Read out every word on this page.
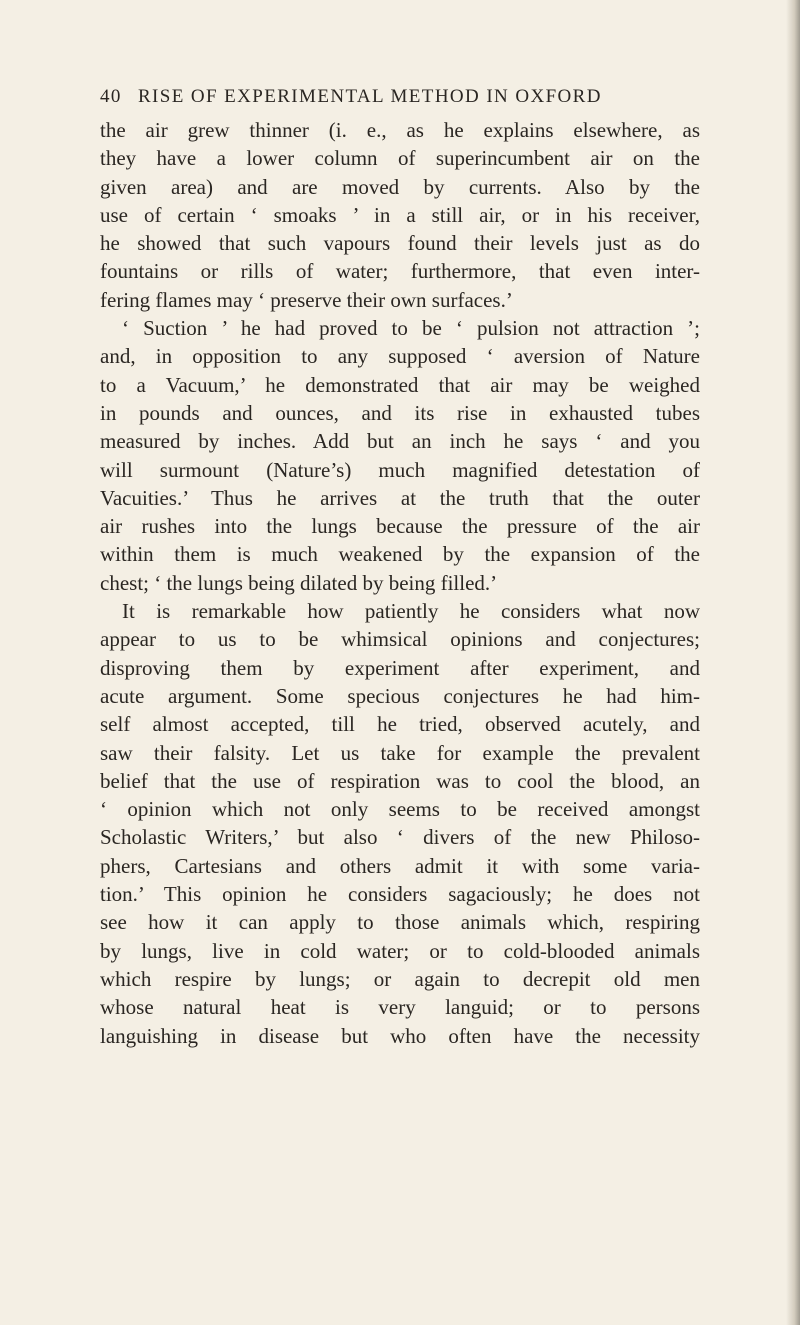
40 RISE OF EXPERIMENTAL METHOD IN OXFORD
the air grew thinner (i. e., as he explains elsewhere, as
they have a lower column of superincumbent air on the
given area) and are moved by currents. Also by the
use of certain ‘ smoaks ’ in a still air, or in his receiver,
he showed that such vapours found their levels just as do
fountains or rills of water; furthermore, that even inter-
fering flames may ‘ preserve their own surfaces.’
‘ Suction ’ he had proved to be ‘ pulsion not attraction ’;
and, in opposition to any supposed ‘ aversion of Nature
to a Vacuum,’ he demonstrated that air may be weighed
in pounds and ounces, and its rise in exhausted tubes
measured by inches. Add but an inch he says ‘ and you
will surmount (Nature’s) much magnified detestation of
Vacuities.’ Thus he arrives at the truth that the outer
air rushes into the lungs because the pressure of the air
within them is much weakened by the expansion of the
chest; ‘ the lungs being dilated by being filled.’
It is remarkable how patiently he considers what now
appear to us to be whimsical opinions and conjectures;
disproving them by experiment after experiment, and
acute argument. Some specious conjectures he had him-
self almost accepted, till he tried, observed acutely, and
saw their falsity. Let us take for example the prevalent
belief that the use of respiration was to cool the blood, an
‘ opinion which not only seems to be received amongst
Scholastic Writers,’ but also ‘ divers of the new Philoso-
phers, Cartesians and others admit it with some varia-
tion.’ This opinion he considers sagaciously; he does not
see how it can apply to those animals which, respiring
by lungs, live in cold water; or to cold-blooded animals
which respire by lungs; or again to decrepit old men
whose natural heat is very languid; or to persons
languishing in disease but who often have the necessity
